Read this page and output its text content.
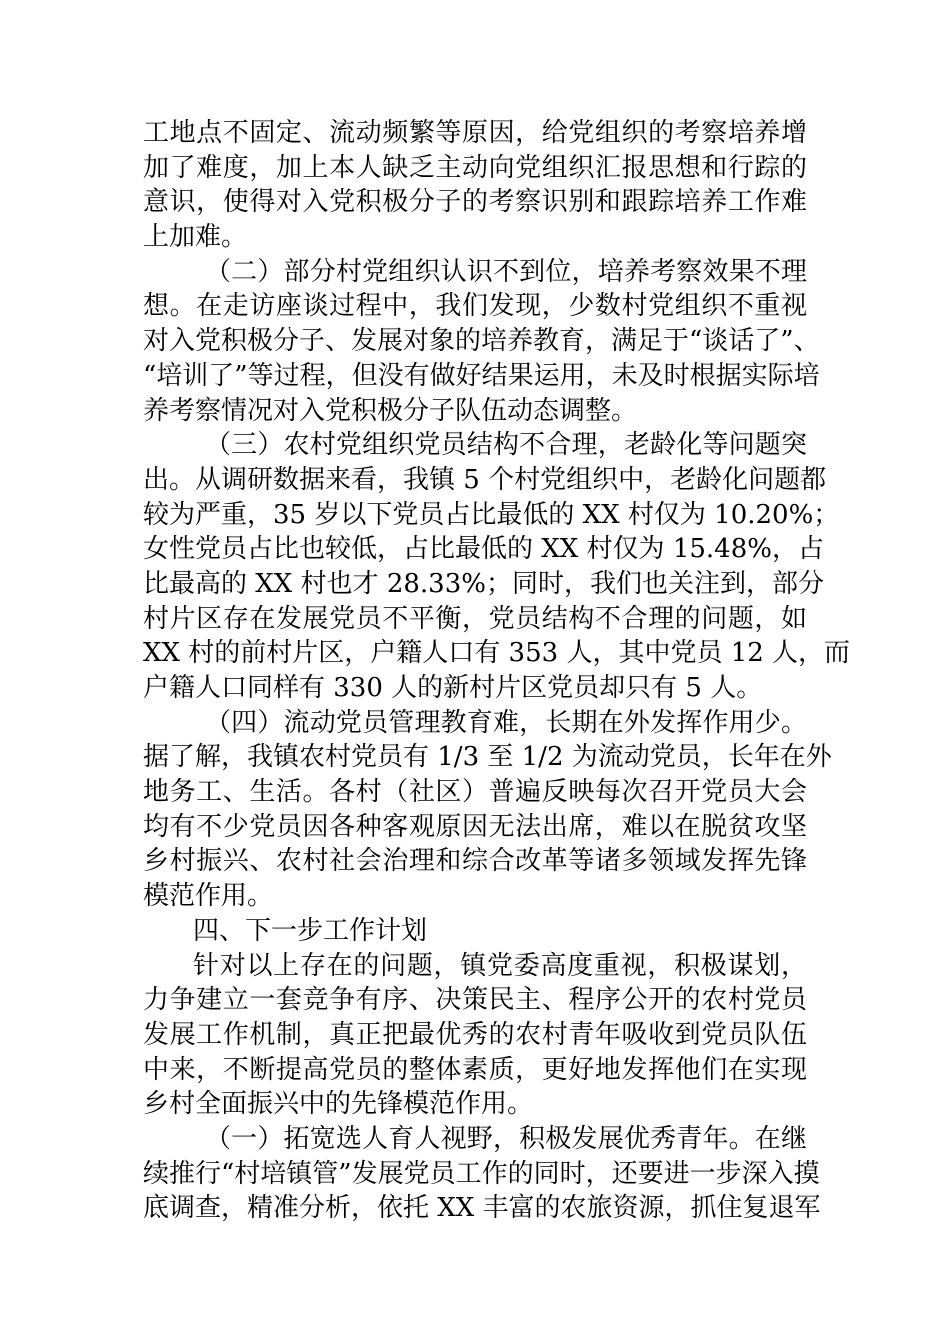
工地点不固定、流动频繁等原因，给党组织的考察培养增
加了难度，加上本人缺乏主动向党组织汇报思想和行踪的
意识，使得对入党积极分子的考察识别和跟踪培养工作难
上加难。
（二）部分村党组织认识不到位，培养考察效果不理
想。在走访座谈过程中，我们发现，少数村党组织不重视
对入党积极分子、发展对象的培养教育，满足于“谈话了”、
“培训了”等过程，但没有做好结果运用，未及时根据实际培
养考察情况对入党积极分子队伍动态调整。
（三）农村党组织党员结构不合理，老龄化等问题突
出。从调研数据来看，我镇 5 个村党组织中，老龄化问题都
较为严重，35 岁以下党员占比最低的 XX 村仅为 10.20%；
女性党员占比也较低，占比最低的 XX 村仅为 15.48%，占
比最高的 XX 村也才 28.33%；同时，我们也关注到，部分
村片区存在发展党员不平衡，党员结构不合理的问题，如
XX 村的前村片区，户籍人口有 353 人，其中党员 12 人，而
户籍人口同样有 330 人的新村片区党员却只有 5 人。
（四）流动党员管理教育难，长期在外发挥作用少。
据了解，我镇农村党员有 1/3 至 1/2 为流动党员，长年在外
地务工、生活。各村（社区）普遍反映每次召开党员大会
均有不少党员因各种客观原因无法出席，难以在脱贫攻坚
乡村振兴、农村社会治理和综合改革等诸多领域发挥先锋
模范作用。
四、下一步工作计划
针对以上存在的问题，镇党委高度重视，积极谋划，
力争建立一套竞争有序、决策民主、程序公开的农村党员
发展工作机制，真正把最优秀的农村青年吸收到党员队伍
中来，不断提高党员的整体素质，更好地发挥他们在实现
乡村全面振兴中的先锋模范作用。
（一）拓宽选人育人视野，积极发展优秀青年。在继
续推行“村培镇管”发展党员工作的同时，还要进一步深入摸
底调查，精准分析，依托 XX 丰富的农旅资源，抓住复退军
